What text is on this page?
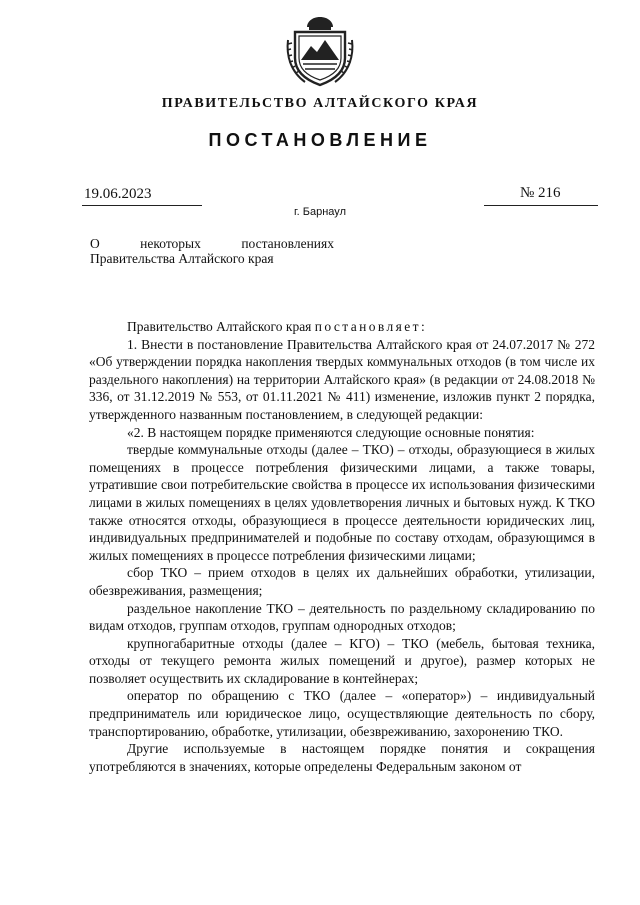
ПРАВИТЕЛЬСТВО АЛТАЙСКОГО КРАЯ
ПОСТАНОВЛЕНИЕ
19.06.2023	№ 216
г. Барнаул
О	некоторых	постановлениях
Правительства Алтайского края

Правительство Алтайского края постановляет:

1. Внести в постановление Правительства Алтайского края от 24.07.2017 № 272 «Об утверждении порядка накопления твердых коммунальных отходов (в том числе их раздельного накопления) на территории Алтайского края» (в редакции от 24.08.2018 № 336, от 31.12.2019 № 553, от 01.11.2021 № 411) изменение, изложив пункт 2 порядка, утвержденного названным постановлением, в следующей редакции:

«2. В настоящем порядке применяются следующие основные понятия:

твердые коммунальные отходы (далее – ТКО) – отходы, образующиеся в жилых помещениях в процессе потребления физическими лицами, а также товары, утратившие свои потребительские свойства в процессе их использования физическими лицами в жилых помещениях в целях удовлетворения личных и бытовых нужд. К ТКО также относятся отходы, образующиеся в процессе деятельности юридических лиц, индивидуальных предпринимателей и подобные по составу отходам, образующимся в жилых помещениях в процессе потребления физическими лицами;

сбор ТКО – прием отходов в целях их дальнейших обработки, утилизации, обезвреживания, размещения;

раздельное накопление ТКО – деятельность по раздельному складированию по видам отходов, группам отходов, группам однородных отходов;

крупногабаритные отходы (далее – КГО) – ТКО (мебель, бытовая техника, отходы от текущего ремонта жилых помещений и другое), размер которых не позволяет осуществить их складирование в контейнерах;

оператор по обращению с ТКО (далее – «оператор») – индивидуальный предприниматель или юридическое лицо, осуществляющие деятельность по сбору, транспортированию, обработке, утилизации, обезвреживанию, захоронению ТКО.

Другие используемые в настоящем порядке понятия и сокращения употребляются в значениях, которые определены Федеральным законом от
